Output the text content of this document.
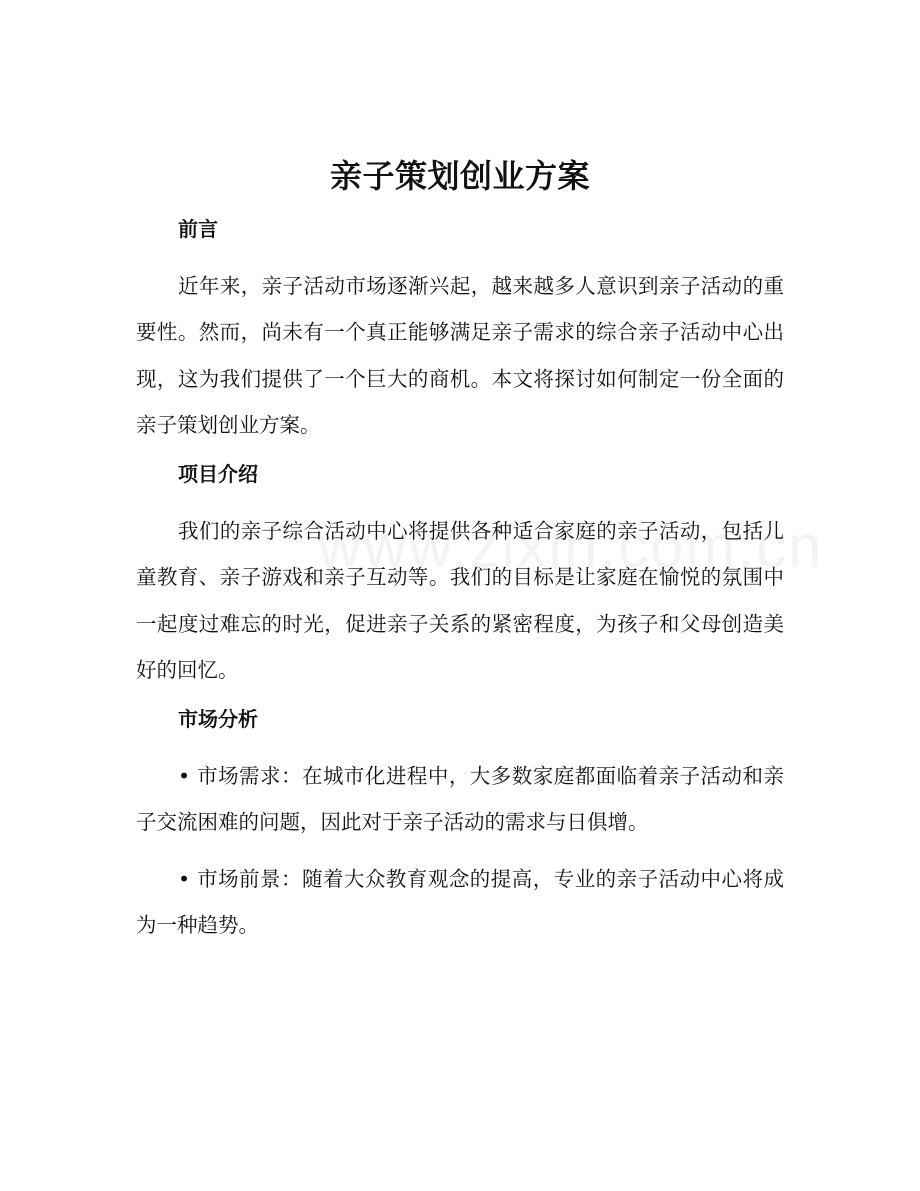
亲子策划创业方案
前言

近年来，亲子活动市场逐渐兴起，越来越多人意识到亲子活动的重要性。然而，尚未有一个真正能够满足亲子需求的综合亲子活动中心出现，这为我们提供了一个巨大的商机。本文将探讨如何制定一份全面的亲子策划创业方案。

项目介绍

我们的亲子综合活动中心将提供各种适合家庭的亲子活动，包括儿童教育、亲子游戏和亲子互动等。我们的目标是让家庭在愉悦的氛围中一起度过难忘的时光，促进亲子关系的紧密程度，为孩子和父母创造美好的回忆。

市场分析

• 市场需求：在城市化进程中，大多数家庭都面临着亲子活动和亲子交流困难的问题，因此对于亲子活动的需求与日俱增。

• 市场前景：随着大众教育观念的提高，专业的亲子活动中心将成为一种趋势。
